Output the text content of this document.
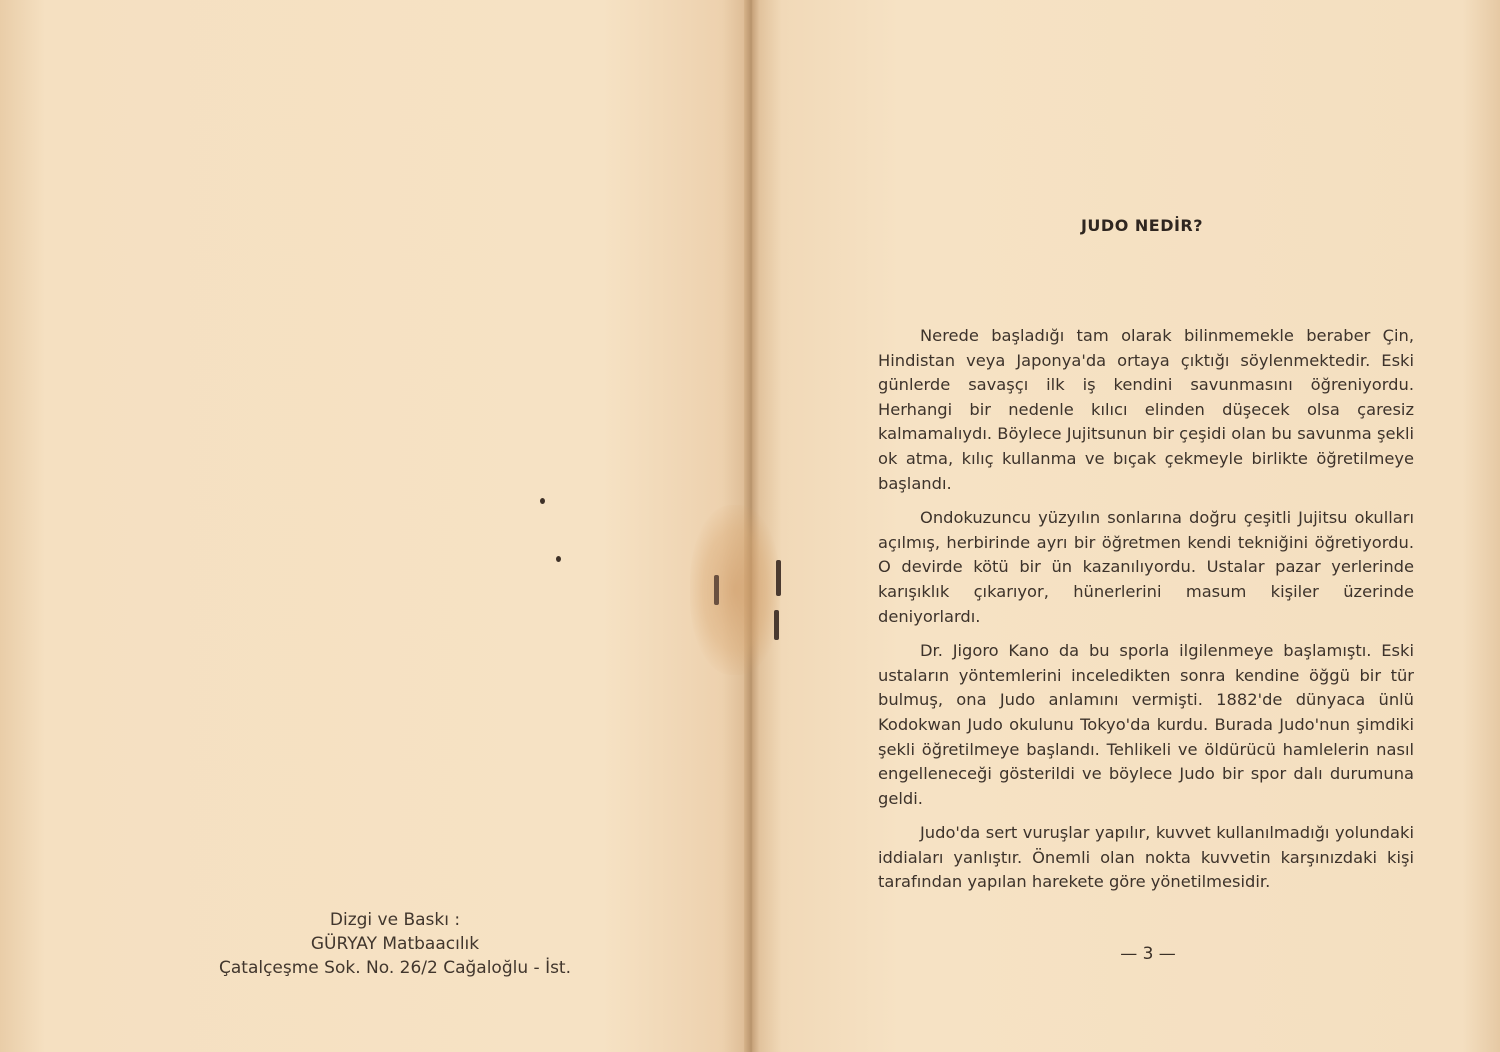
Dizgi ve Baskı :
GÜRYAY Matbaacılık
Çatalçeşme Sok. No. 26/2 Cağaloğlu - İst.
JUDO NEDİR?

Nerede başladığı tam olarak bilinmemekle beraber Çin, Hindistan veya Japonya'da ortaya çıktığı söylenmektedir. Eski günlerde savaşçı ilk iş kendini savunmasını öğreniyordu. Herhangi bir nedenle kılıcı elinden düşecek olsa çaresiz kalmamalıydı. Böylece Jujitsunun bir çeşidi olan bu savunma şekli ok atma, kılıç kullanma ve bıçak çekmeyle birlikte öğretilmeye başlandı.

Ondokuzuncu yüzyılın sonlarına doğru çeşitli Jujitsu okulları açılmış, herbirinde ayrı bir öğretmen kendi tekniğini öğretiyordu. O devirde kötü bir ün kazanılıyordu. Ustalar pazar yerlerinde karışıklık çıkarıyor, hünerlerini masum kişiler üzerinde deniyorlardı.

Dr. Jigoro Kano da bu sporla ilgilenmeye başlamıştı. Eski ustaların yöntemlerini inceledikten sonra kendine öğgü bir tür bulmuş, ona Judo anlamını vermişti. 1882'de dünyaca ünlü Kodokwan Judo okulunu Tokyo'da kurdu. Burada Judo'nun şimdiki şekli öğretilmeye başlandı. Tehlikeli ve öldürücü hamlelerin nasıl engelleneceği gösterildi ve böylece Judo bir spor dalı durumuna geldi.

Judo'da sert vuruşlar yapılır, kuvvet kullanılmadığı yolundaki iddiaları yanlıştır. Önemli olan nokta kuvvetin karşınızdaki kişi tarafından yapılan harekete göre yönetilmesidir.

— 3 —
